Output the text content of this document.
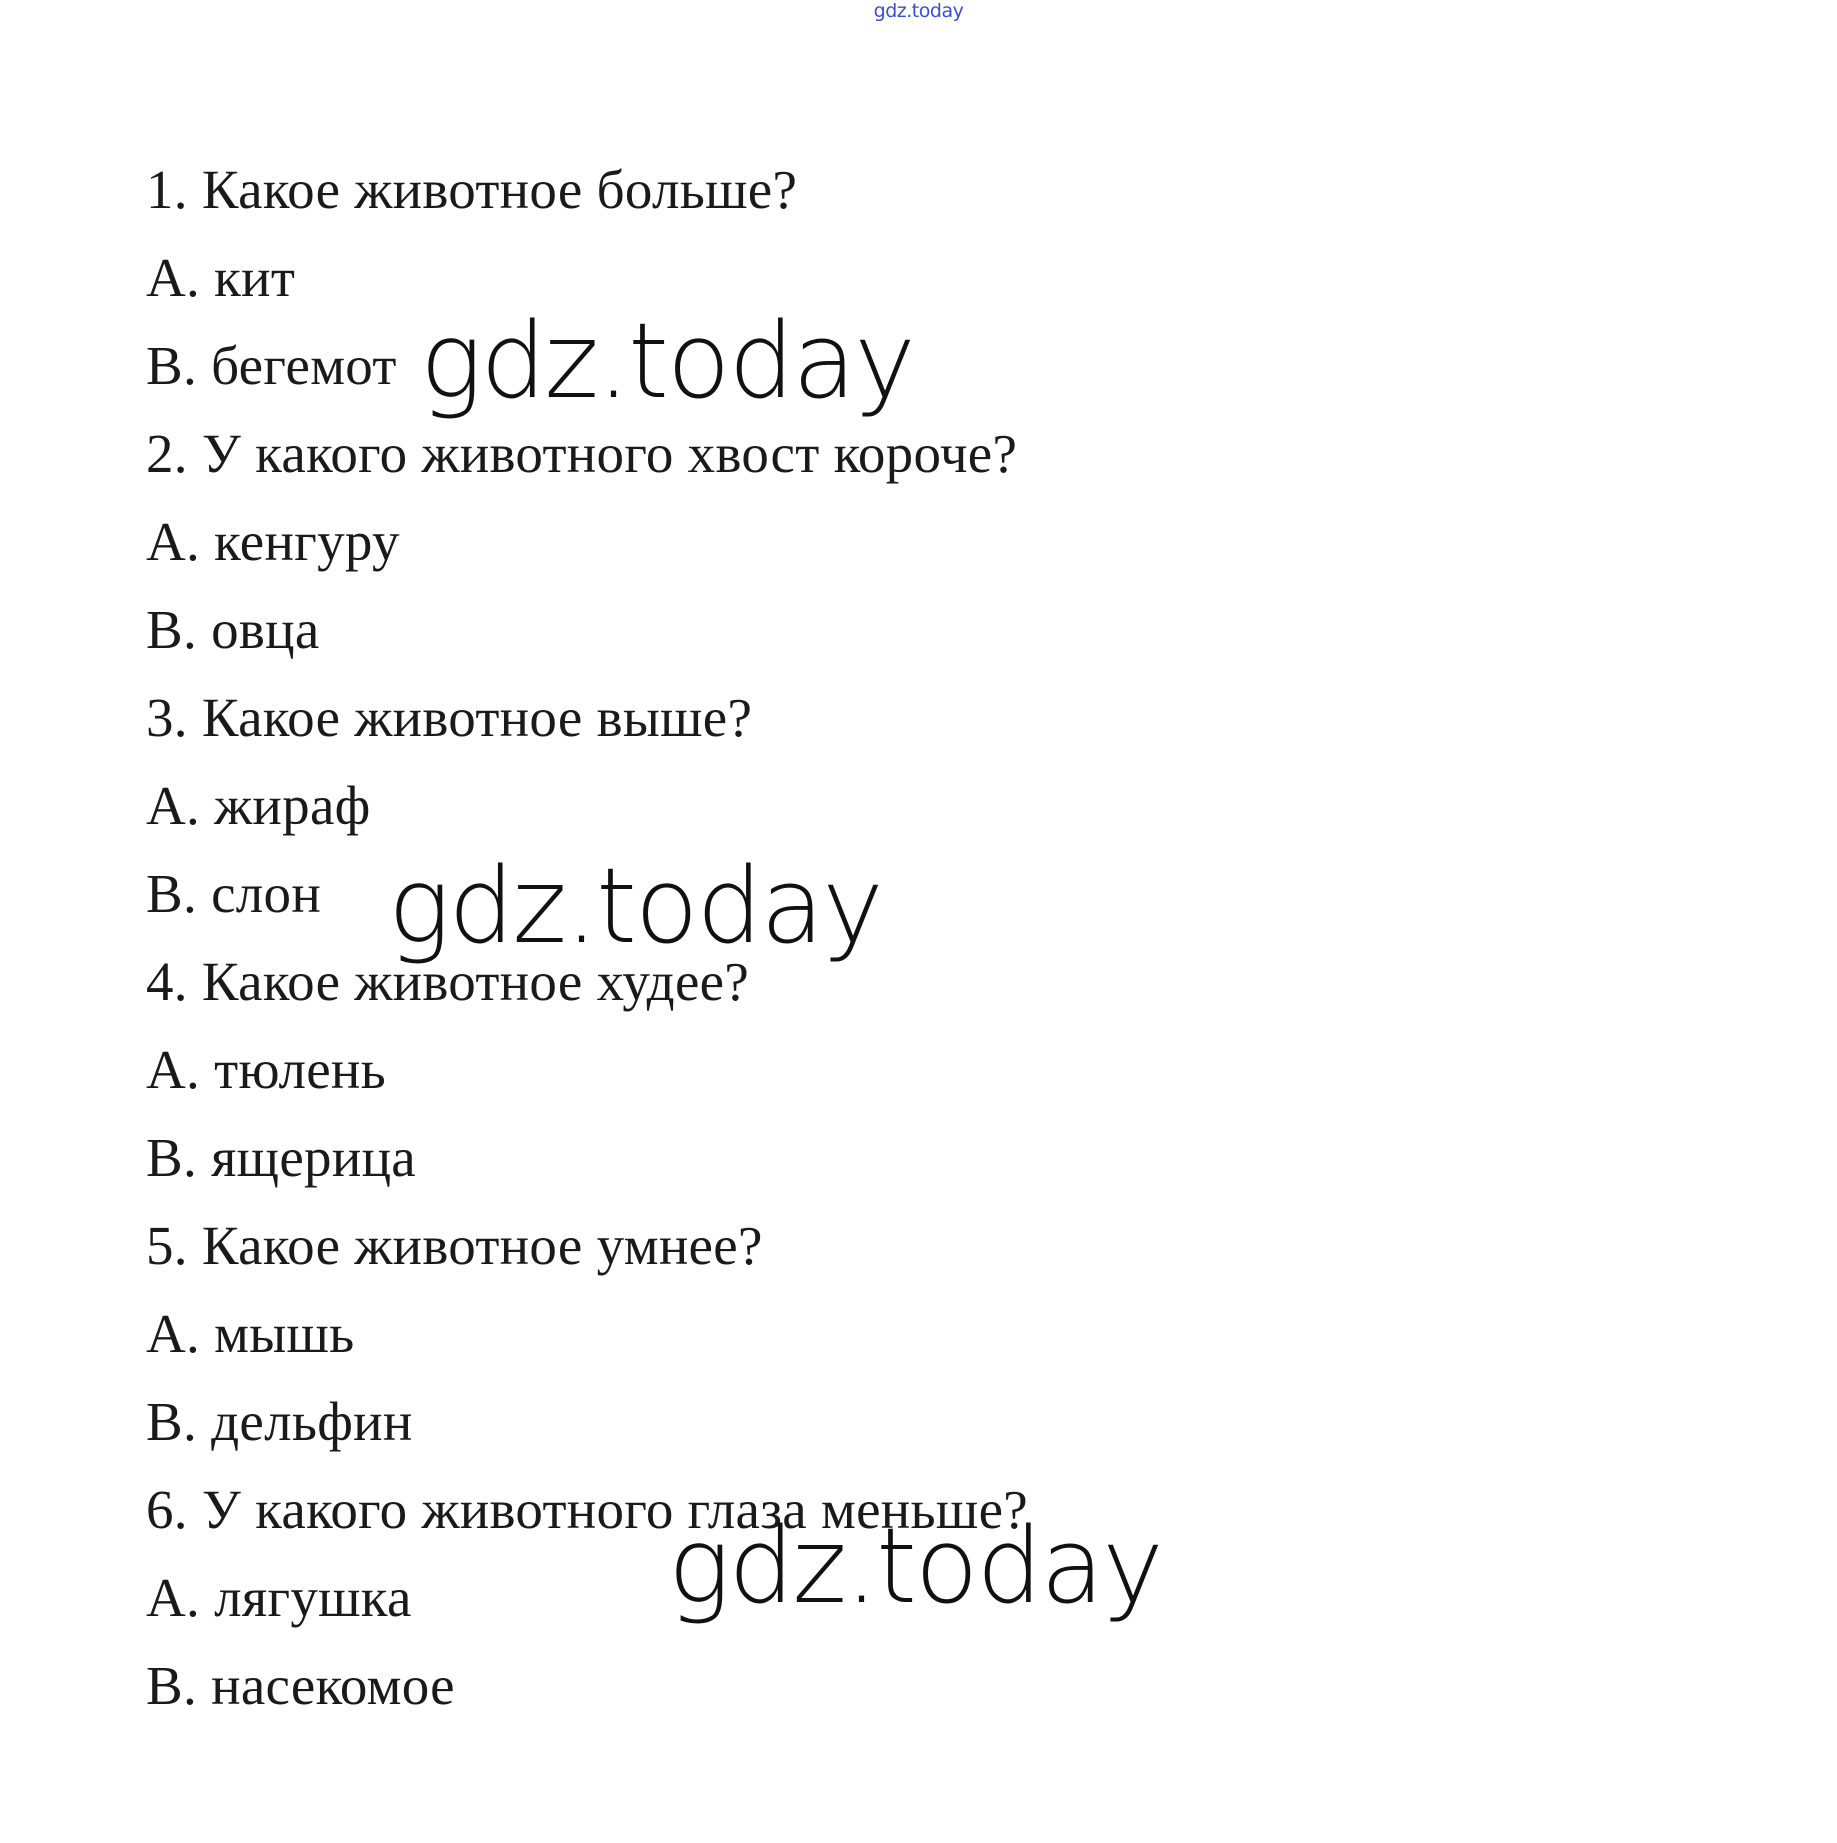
gdz.today
1. Какое животное больше?
A. кит
B. бегемот
2. У какого животного хвост короче?
A. кенгуру
B. овца
3. Какое животное выше?
A. жираф
B. слон
4. Какое животное худее?
A. тюлень
B. ящерица
5. Какое животное умнее?
A. мышь
B. дельфин
6. У какого животного глаза меньше?
A. лягушка
B. насекомое
gdz.today
gdz.today
gdz.today
